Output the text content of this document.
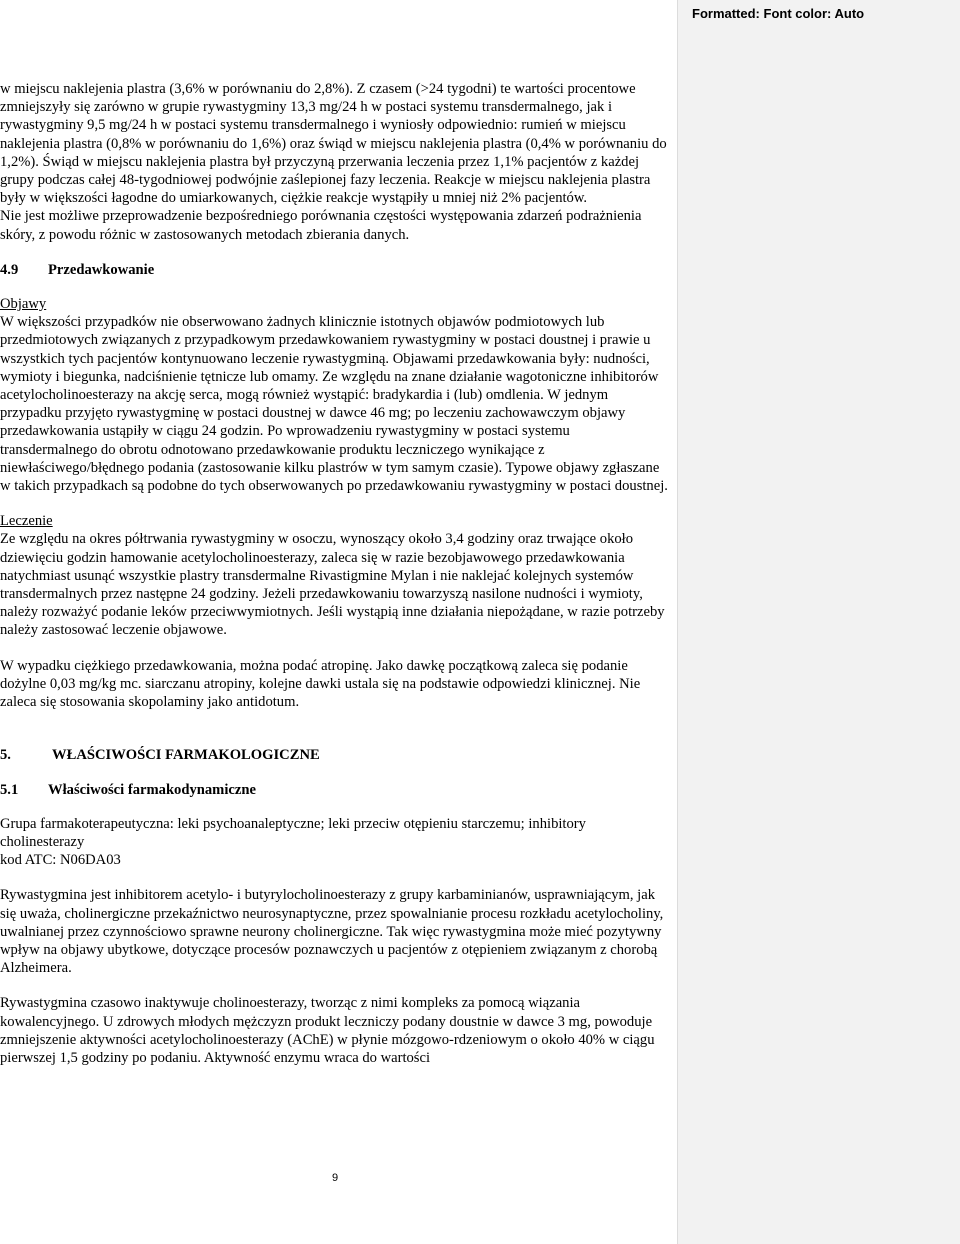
Formatted: Font color: Auto

w miejscu naklejenia plastra (3,6% w porównaniu do 2,8%). Z czasem (>24 tygodni) te wartości procentowe zmniejszyły się zarówno w grupie rywastygminy 13,3 mg/24 h w postaci systemu transdermalnego, jak i rywastygminy 9,5 mg/24 h w postaci systemu transdermalnego i wyniosły odpowiednio: rumień w miejscu naklejenia plastra (0,8% w porównaniu do 1,6%) oraz świąd w miejscu naklejenia plastra (0,4% w porównaniu do 1,2%). Świąd w miejscu naklejenia plastra był przyczyną przerwania leczenia przez 1,1% pacjentów z każdej grupy podczas całej 48-tygodniowej podwójnie zaślepionej fazy leczenia. Reakcje w miejscu naklejenia plastra były w większości łagodne do umiarkowanych, ciężkie reakcje wystąpiły u mniej niż 2% pacjentów.

Nie jest możliwe przeprowadzenie bezpośredniego porównania częstości występowania zdarzeń podrażnienia skóry, z powodu różnic w zastosowanych metodach zbierania danych.

4.9 Przedawkowanie
Objawy

W większości przypadków nie obserwowano żadnych klinicznie istotnych objawów podmiotowych lub przedmiotowych związanych z przypadkowym przedawkowaniem rywastygminy w postaci doustnej i prawie u wszystkich tych pacjentów kontynuowano leczenie rywastygminą. Objawami przedawkowania były: nudności, wymioty i biegunka, nadciśnienie tętnicze lub omamy. Ze względu na znane działanie wagotoniczne inhibitorów acetylocholinoesterazy na akcję serca, mogą również wystąpić: bradykardia i (lub) omdlenia. W jednym przypadku przyjęto rywastygminę w postaci doustnej w dawce 46 mg; po leczeniu zachowawczym objawy przedawkowania ustąpiły w ciągu 24 godzin. Po wprowadzeniu rywastygminy w postaci systemu transdermalnego do obrotu odnotowano przedawkowanie produktu leczniczego wynikające z niewłaściwego/błędnego podania (zastosowanie kilku plastrów w tym samym czasie). Typowe objawy zgłaszane w takich przypadkach są podobne do tych obserwowanych po przedawkowaniu rywastygminy w postaci doustnej.

Leczenie

Ze względu na okres półtrwania rywastygminy w osoczu, wynoszący około 3,4 godziny oraz trwające około dziewięciu godzin hamowanie acetylocholinoesterazy, zaleca się w razie bezobjawowego przedawkowania natychmiast usunąć wszystkie plastry transdermalne Rivastigmine Mylan i nie naklejać kolejnych systemów transdermalnych przez następne 24 godziny. Jeżeli przedawkowaniu towarzyszą nasilone nudności i wymioty, należy rozważyć podanie leków przeciwwymiotnych. Jeśli wystąpią inne działania niepożądane, w razie potrzeby należy zastosować leczenie objawowe.

W wypadku ciężkiego przedawkowania, można podać atropinę. Jako dawkę początkową zaleca się podanie dożylne 0,03 mg/kg mc. siarczanu atropiny, kolejne dawki ustala się na podstawie odpowiedzi klinicznej. Nie zaleca się stosowania skopolaminy jako antidotum.

5.	WŁAŚCIWOŚCI FARMAKOLOGICZNE
5.1 Właściwości farmakodynamiczne

Grupa farmakoterapeutyczna: leki psychoanaleptyczne; leki przeciw otępieniu starczemu; inhibitory cholinesterazy

kod ATC: N06DA03

Rywastygmina jest inhibitorem acetylo- i butyrylocholinoesterazy z grupy karbaminianów, usprawniającym, jak się uważa, cholinergiczne przekaźnictwo neurosynaptyczne, przez spowalnianie procesu rozkładu acetylocholiny, uwalnianej przez czynnościowo sprawne neurony cholinergiczne. Tak więc rywastygmina może mieć pozytywny wpływ na objawy ubytkowe, dotyczące procesów poznawczych u pacjentów z otępieniem związanym z chorobą Alzheimera.

Rywastygmina czasowo inaktywuje cholinoesterazy, tworząc z nimi kompleks za pomocą wiązania kowalencyjnego. U zdrowych młodych mężczyzn produkt leczniczy podany doustnie w dawce 3 mg, powoduje zmniejszenie aktywności acetylocholinoesterazy (AChE) w płynie mózgowo-rdzeniowym o około 40% w ciągu pierwszej 1,5 godziny po podaniu. Aktywność enzymu wraca do wartości

9
